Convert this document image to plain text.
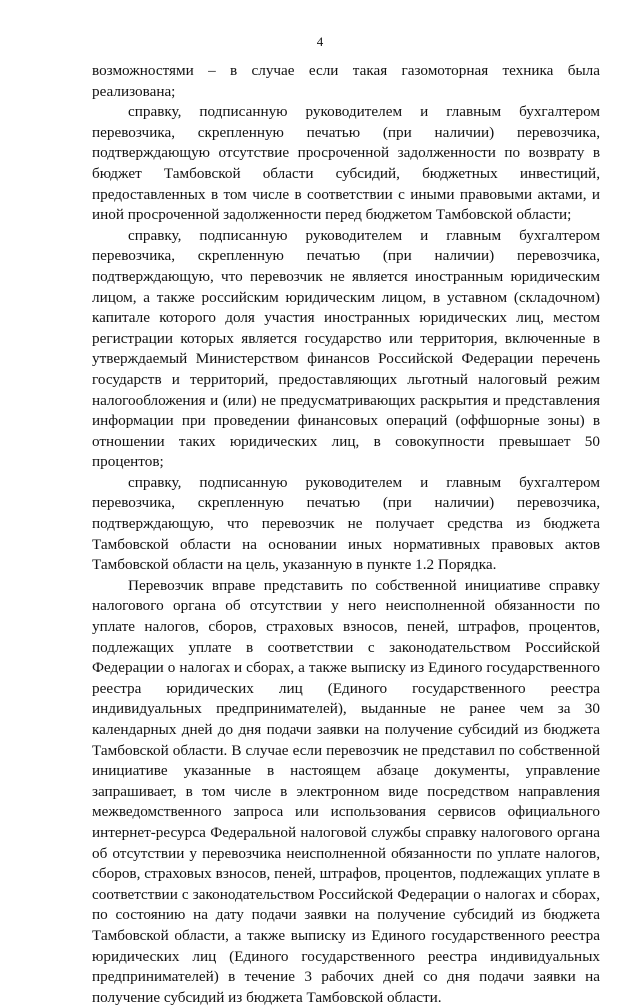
4

возможностями – в случае если такая газомоторная техника была реализована;

справку, подписанную руководителем и главным бухгалтером перевозчика, скрепленную печатью (при наличии) перевозчика, подтверждающую отсутствие просроченной задолженности по возврату в бюджет Тамбовской области субсидий, бюджетных инвестиций, предоставленных в том числе в соответствии с иными правовыми актами, и иной просроченной задолженности перед бюджетом Тамбовской области;

справку, подписанную руководителем и главным бухгалтером перевозчика, скрепленную печатью (при наличии) перевозчика, подтверждающую, что перевозчик не является иностранным юридическим лицом, а также российским юридическим лицом, в уставном (складочном) капитале которого доля участия иностранных юридических лиц, местом регистрации которых является государство или территория, включенные в утверждаемый Министерством финансов Российской Федерации перечень государств и территорий, предоставляющих льготный налоговый режим налогообложения и (или) не предусматривающих раскрытия и представления информации при проведении финансовых операций (оффшорные зоны) в отношении таких юридических лиц, в совокупности превышает 50 процентов;

справку, подписанную руководителем и главным бухгалтером перевозчика, скрепленную печатью (при наличии) перевозчика, подтверждающую, что перевозчик не получает средства из бюджета Тамбовской области на основании иных нормативных правовых актов Тамбовской области на цель, указанную в пункте 1.2 Порядка.

Перевозчик вправе представить по собственной инициативе справку налогового органа об отсутствии у него неисполненной обязанности по уплате налогов, сборов, страховых взносов, пеней, штрафов, процентов, подлежащих уплате в соответствии с законодательством Российской Федерации о налогах и сборах, а также выписку из Единого государственного реестра юридических лиц (Единого государственного реестра индивидуальных предпринимателей), выданные не ранее чем за 30 календарных дней до дня подачи заявки на получение субсидий из бюджета Тамбовской области. В случае если перевозчик не представил по собственной инициативе указанные в настоящем абзаце документы, управление запрашивает, в том числе в электронном виде посредством направления межведомственного запроса или использования сервисов официального интернет-ресурса Федеральной налоговой службы справку налогового органа об отсутствии у перевозчика неисполненной обязанности по уплате налогов, сборов, страховых взносов, пеней, штрафов, процентов, подлежащих уплате в соответствии с законодательством Российской Федерации о налогах и сборах, по состоянию на дату подачи заявки на получение субсидий из бюджета Тамбовской области, а также выписку из Единого государственного реестра юридических лиц (Единого государственного реестра индивидуальных предпринимателей) в течение 3 рабочих дней со дня подачи заявки на получение субсидий из бюджета Тамбовской области.
